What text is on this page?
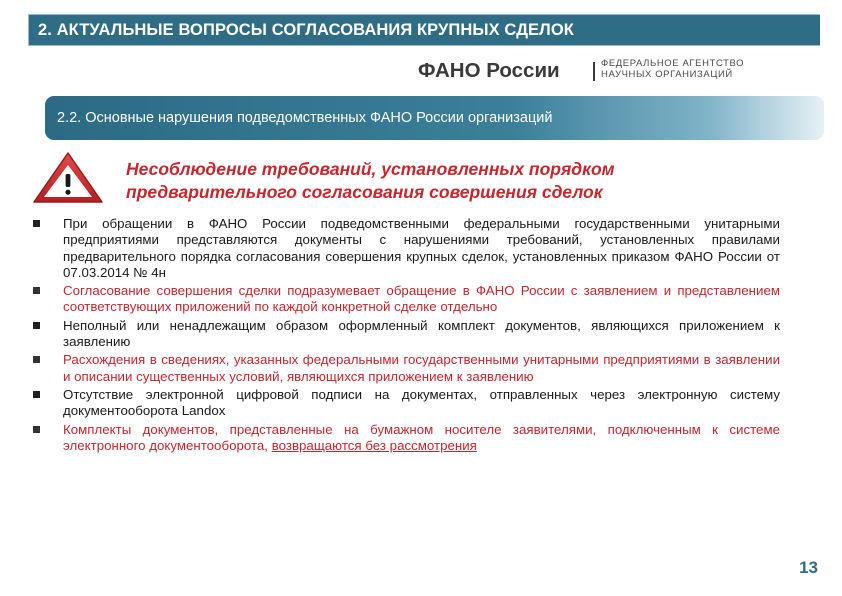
2. АКТУАЛЬНЫЕ ВОПРОСЫ СОГЛАСОВАНИЯ КРУПНЫХ СДЕЛОК
ФАНО России	ФЕДЕРАЛЬНОЕ АГЕНТСТВО
НАУЧНЫХ ОРГАНИЗАЦИЙ
2.2. Основные нарушения подведомственных ФАНО России организаций
Несоблюдение требований, установленных порядком предварительного согласования совершения сделок
При обращении в ФАНО России подведомственными федеральными государственными унитарными предприятиями представляются документы с нарушениями требований, установленных правилами предварительного порядка согласования совершения крупных сделок, установленных приказом ФАНО России от 07.03.2014 № 4н
Согласование совершения сделки подразумевает обращение в ФАНО России с заявлением и представлением соответствующих приложений по каждой конкретной сделке отдельно
Неполный или ненадлежащим образом оформленный комплект документов, являющихся приложением к заявлению
Расхождения в сведениях, указанных федеральными государственными унитарными предприятиями в заявлении и описании существенных условий, являющихся приложением к заявлению
Отсутствие электронной цифровой подписи на документах, отправленных через электронную систему документооборота Landox
Комплекты документов, представленные на бумажном носителе заявителями, подключенным к системе электронного документооборота, возвращаются без рассмотрения
13
